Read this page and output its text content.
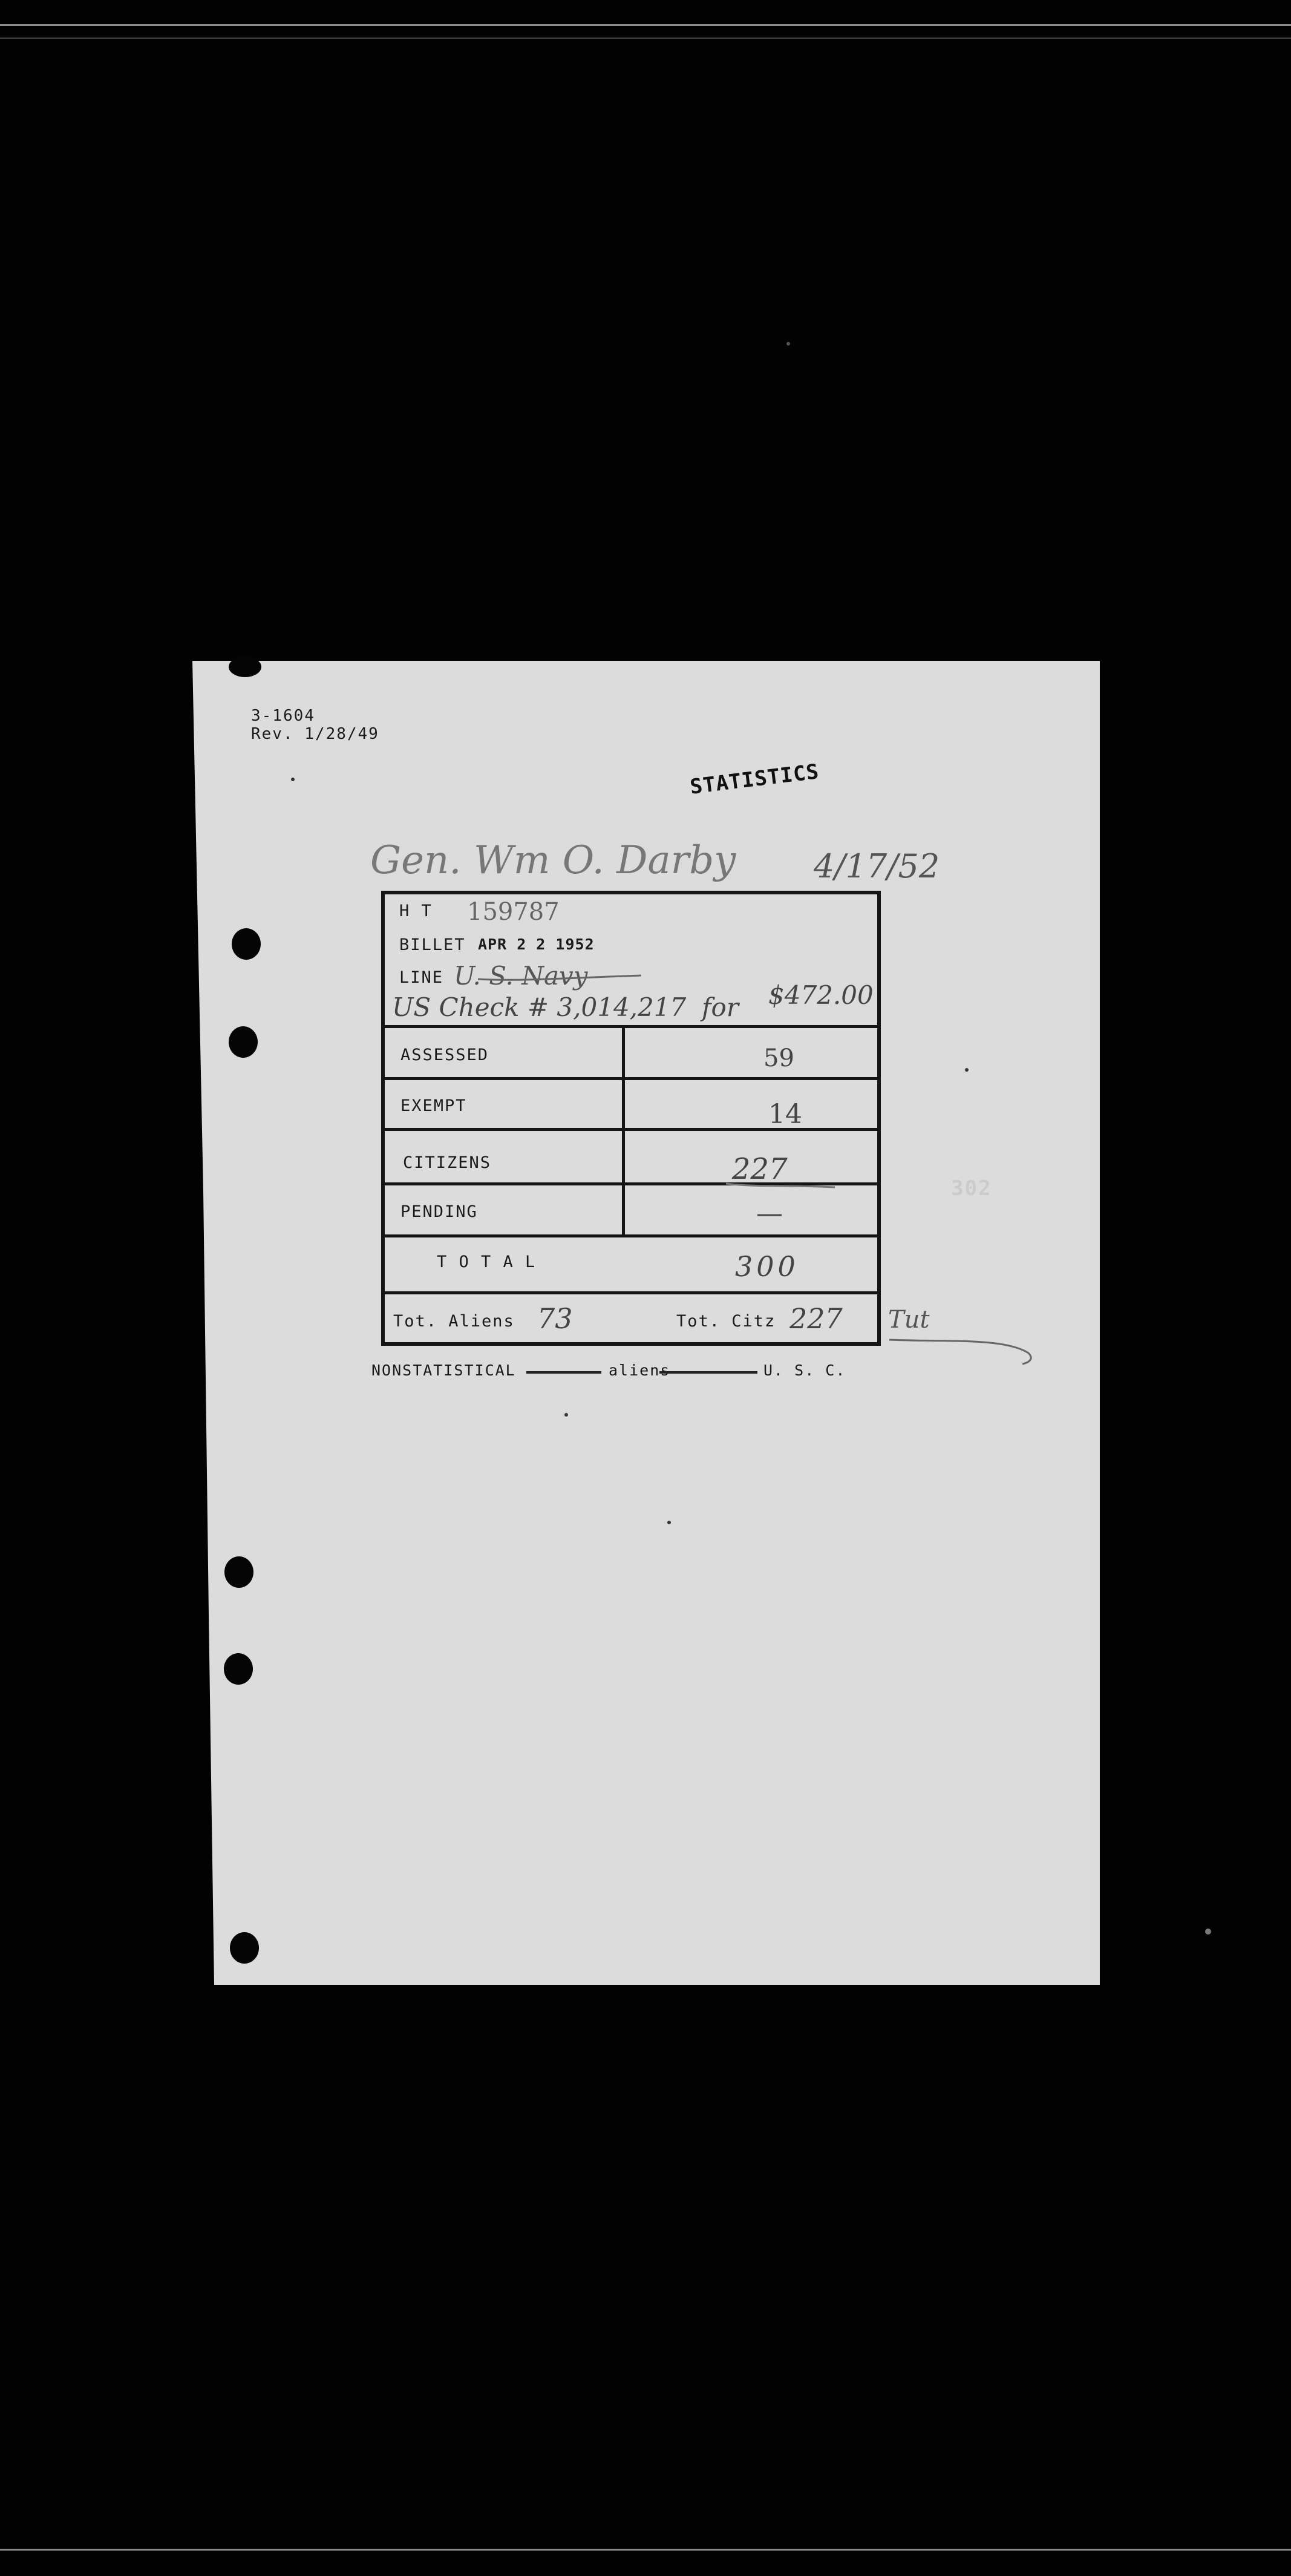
3-1604
Rev. 1/28/49
STATISTICS
Gen. Wm O. Darby 4/17/52
H T 159787
BILLET APR 2 2 1952
LINE U. S. Navy
US Check # 3,014,217 for $472.00
ASSESSED	59
EXEMPT	14
CITIZENS	227
PENDING	—
T O T A L	300
Tot. Aliens 73	Tot. Citz 227 Tut
NONSTATISTICAL	aliens	U. S. C.
302
